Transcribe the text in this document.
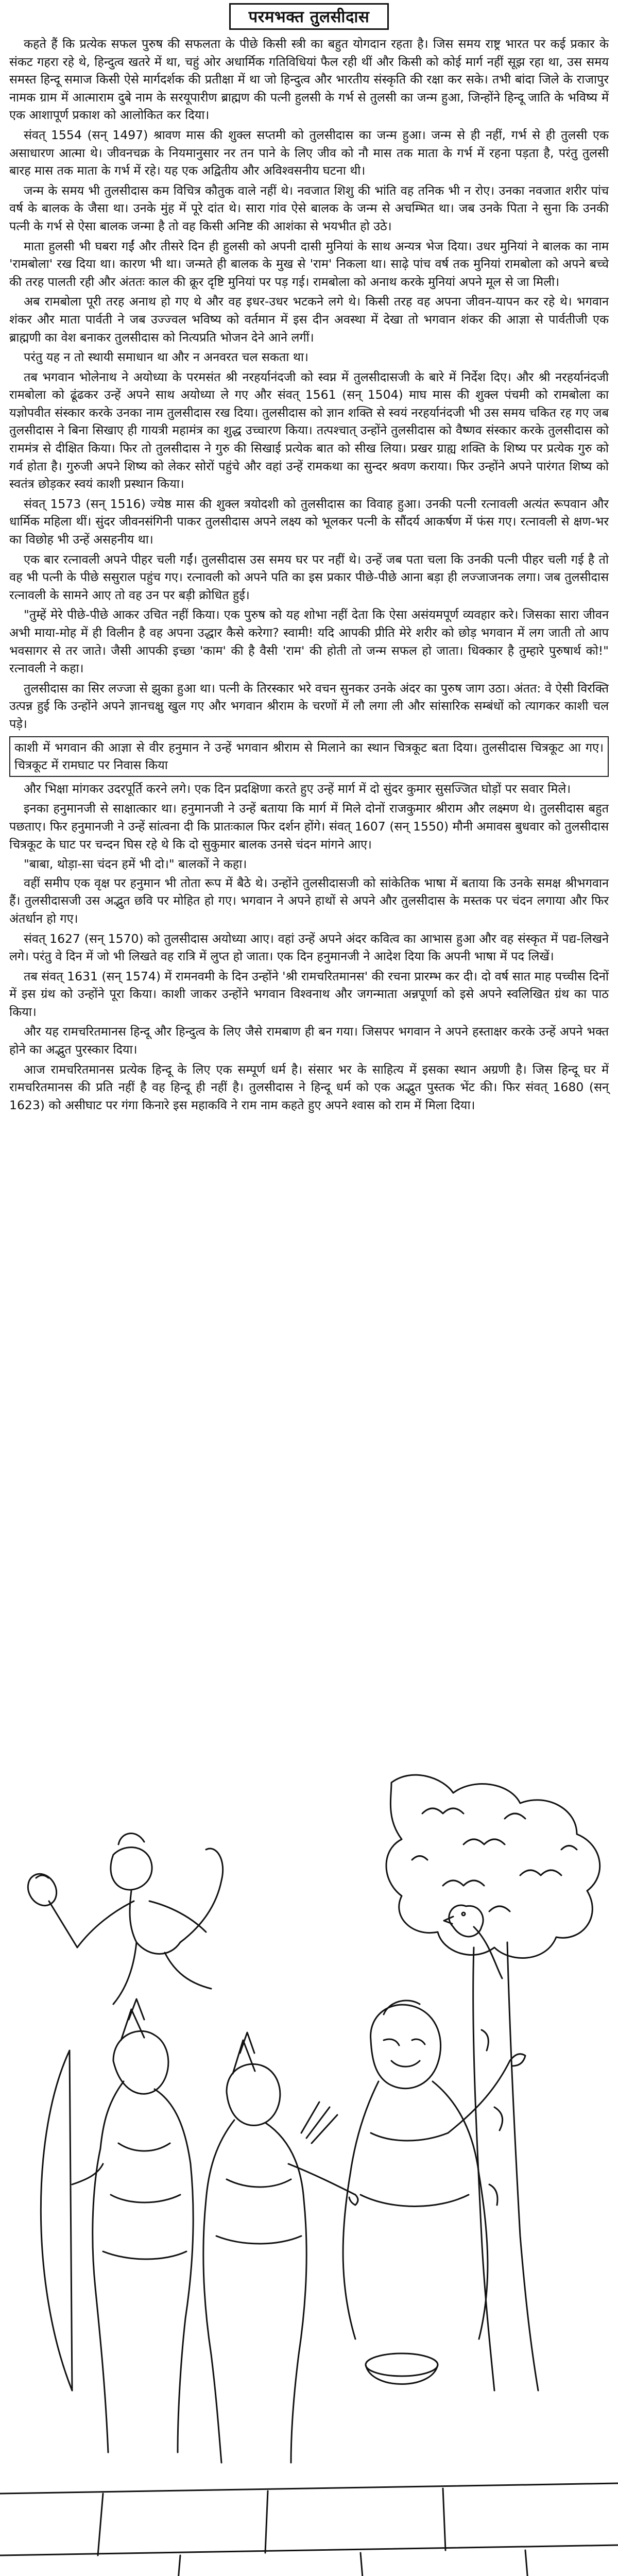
परमभक्त तुलसीदास

कहते हैं कि प्रत्येक सफल पुरुष की सफलता के पीछे किसी स्त्री का बहुत योगदान रहता है। जिस समय राष्ट्र भारत पर कई प्रकार के संकट गहरा रहे थे, हिन्दुत्व खतरे में था, चहुं ओर अधार्मिक गतिविधियां फैल रही थीं और किसी को कोई मार्ग नहीं सूझ रहा था, उस समय समस्त हिन्दू समाज किसी ऐसे मार्गदर्शक की प्रतीक्षा में था जो हिन्दुत्व और भारतीय संस्कृति की रक्षा कर सके। तभी बांदा जिले के राजापुर नामक ग्राम में आत्माराम दुबे नाम के सरयूपारीण ब्राह्मण की पत्नी हुलसी के गर्भ से तुलसी का जन्म हुआ, जिन्होंने हिन्दू जाति के भविष्य में एक आशापूर्ण प्रकाश को आलोकित कर दिया।

संवत् 1554 (सन् 1497) श्रावण मास की शुक्ल सप्तमी को तुलसीदास का जन्म हुआ। जन्म से ही नहीं, गर्भ से ही तुलसी एक असाधारण आत्मा थे। जीवनचक्र के नियमानुसार नर तन पाने के लिए जीव को नौ मास तक माता के गर्भ में रहना पड़ता है, परंतु तुलसी बारह मास तक माता के गर्भ में रहे। यह एक अद्वितीय और अविश्वसनीय घटना थी।

जन्म के समय भी तुलसीदास कम विचित्र कौतुक वाले नहीं थे। नवजात शिशु की भांति वह तनिक भी न रोए। उनका नवजात शरीर पांच वर्ष के बालक के जैसा था। उनके मुंह में पूरे दांत थे। सारा गांव ऐसे बालक के जन्म से अचम्भित था। जब उनके पिता ने सुना कि उनकी पत्नी के गर्भ से ऐसा बालक जन्मा है तो वह किसी अनिष्ट की आशंका से भयभीत हो उठे।

माता हुलसी भी घबरा गईं और तीसरे दिन ही हुलसी को अपनी दासी मुनियां के साथ अन्यत्र भेज दिया। उधर मुनियां ने बालक का नाम 'रामबोला' रख दिया था। कारण भी था। जन्मते ही बालक के मुख से 'राम' निकला था। साढ़े पांच वर्ष तक मुनियां रामबोला को अपने बच्चे की तरह पालती रही और अंततः काल की क्रूर दृष्टि मुनियां पर पड़ गई। रामबोला को अनाथ करके मुनियां अपने मूल से जा मिली।

अब रामबोला पूरी तरह अनाथ हो गए थे और वह इधर-उधर भटकने लगे थे। किसी तरह वह अपना जीवन-यापन कर रहे थे। भगवान शंकर और माता पार्वती ने जब उज्ज्वल भविष्य को वर्तमान में इस दीन अवस्था में देखा तो भगवान शंकर की आज्ञा से पार्वतीजी एक ब्राह्मणी का वेश बनाकर तुलसीदास को नित्यप्रति भोजन देने आने लगीं।

परंतु यह न तो स्थायी समाधान था और न अनवरत चल सकता था।

तब भगवान भोलेनाथ ने अयोध्या के परमसंत श्री नरहर्यानंदजी को स्वप्न में तुलसीदासजी के बारे में निर्देश दिए। और श्री नरहर्यानंदजी रामबोला को ढूंढकर उन्हें अपने साथ अयोध्या ले गए और संवत् 1561 (सन् 1504) माघ मास की शुक्ल पंचमी को रामबोला का यज्ञोपवीत संस्कार करके उनका नाम तुलसीदास रख दिया। तुलसीदास को ज्ञान शक्ति से स्वयं नरहर्यानंदजी भी उस समय चकित रह गए जब तुलसीदास ने बिना सिखाए ही गायत्री महामंत्र का शुद्ध उच्चारण किया। तत्पश्चात् उन्होंने तुलसीदास को वैष्णव संस्कार करके तुलसीदास को राममंत्र से दीक्षित किया। फिर तो तुलसीदास ने गुरु की सिखाई प्रत्येक बात को सीख लिया। प्रखर ग्राह्य शक्ति के शिष्य पर प्रत्येक गुरु को गर्व होता है। गुरुजी अपने शिष्य को लेकर सोरों पहुंचे और वहां उन्हें रामकथा का सुन्दर श्रवण कराया। फिर उन्होंने अपने पारंगत शिष्य को स्वतंत्र छोड़कर स्वयं काशी प्रस्थान किया।

संवत् 1573 (सन् 1516) ज्येष्ठ मास की शुक्ल त्रयोदशी को तुलसीदास का विवाह हुआ। उनकी पत्नी रत्नावली अत्यंत रूपवान और धार्मिक महिला थीं। सुंदर जीवनसंगिनी पाकर तुलसीदास अपने लक्ष्य को भूलकर पत्नी के सौंदर्य आकर्षण में फंस गए। रत्नावली से क्षण-भर का विछोह भी उन्हें असहनीय था।

एक बार रत्नावली अपने पीहर चली गईं। तुलसीदास उस समय घर पर नहीं थे। उन्हें जब पता चला कि उनकी पत्नी पीहर चली गई है तो वह भी पत्नी के पीछे ससुराल पहुंच गए। रत्नावली को अपने पति का इस प्रकार पीछे-पीछे आना बड़ा ही लज्जाजनक लगा। जब तुलसीदास रत्नावली के सामने आए तो वह उन पर बड़ी क्रोधित हुई।

"तुम्हें मेरे पीछे-पीछे आकर उचित नहीं किया। एक पुरुष को यह शोभा नहीं देता कि ऐसा असंयमपूर्ण व्यवहार करे। जिसका सारा जीवन अभी माया-मोह में ही विलीन है वह अपना उद्धार कैसे करेगा? स्वामी! यदि आपकी प्रीति मेरे शरीर को छोड़ भगवान में लग जाती तो आप भवसागर से तर जाते। जैसी आपकी इच्छा 'काम' की है वैसी 'राम' की होती तो जन्म सफल हो जाता। धिक्कार है तुम्हारे पुरुषार्थ को!" रत्नावली ने कहा।

तुलसीदास का सिर लज्जा से झुका हुआ था। पत्नी के तिरस्कार भरे वचन सुनकर उनके अंदर का पुरुष जाग उठा। अंतत: वे ऐसी विरक्ति उत्पन्न हुई कि उन्होंने अपने ज्ञानचक्षु खुल गए और भगवान श्रीराम के चरणों में लौ लगा ली और सांसारिक सम्बंधों को त्यागकर काशी चल पड़े।

काशी में भगवान की आज्ञा से वीर हनुमान ने उन्हें भगवान श्रीराम से मिलाने का स्थान चित्रकूट बता दिया। तुलसीदास चित्रकूट आ गए। चित्रकूट में रामघाट पर निवास किया

और भिक्षा मांगकर उदरपूर्ति करने लगे। एक दिन प्रदक्षिणा करते हुए उन्हें मार्ग में दो सुंदर कुमार सुसज्जित घोड़ों पर सवार मिले।

इनका हनुमानजी से साक्षात्कार था। हनुमानजी ने उन्हें बताया कि मार्ग में मिले दोनों राजकुमार श्रीराम और लक्ष्मण थे। तुलसीदास बहुत पछताए। फिर हनुमानजी ने उन्हें सांत्वना दी कि प्रातःकाल फिर दर्शन होंगे। संवत् 1607 (सन् 1550) मौनी अमावस बुधवार को तुलसीदास चित्रकूट के घाट पर चन्दन घिस रहे थे कि दो सुकुमार बालक उनसे चंदन मांगने आए।

"बाबा, थोड़ा-सा चंदन हमें भी दो।" बालकों ने कहा।

वहीं समीप एक वृक्ष पर हनुमान भी तोता रूप में बैठे थे। उन्होंने तुलसीदासजी को सांकेतिक भाषा में बताया कि उनके समक्ष श्रीभगवान हैं। तुलसीदासजी उस अद्भुत छवि पर मोहित हो गए। भगवान ने अपने हाथों से अपने और तुलसीदास के मस्तक पर चंदन लगाया और फिर अंतर्धान हो गए।

संवत् 1627 (सन् 1570) को तुलसीदास अयोध्या आए। वहां उन्हें अपने अंदर कवित्व का आभास हुआ और वह संस्कृत में पद्य-लिखने लगे। परंतु वे दिन में जो भी लिखते वह रात्रि में लुप्त हो जाता। एक दिन हनुमानजी ने आदेश दिया कि अपनी भाषा में पद लिखें।

तब संवत् 1631 (सन् 1574) में रामनवमी के दिन उन्होंने 'श्री रामचरितमानस' की रचना प्रारम्भ कर दी। दो वर्ष सात माह पच्चीस दिनों में इस ग्रंथ को उन्होंने पूरा किया। काशी जाकर उन्होंने भगवान विश्वनाथ और जगन्माता अन्नपूर्णा को इसे अपने स्वलिखित ग्रंथ का पाठ किया।

और यह रामचरितमानस हिन्दू और हिन्दुत्व के लिए जैसे रामबाण ही बन गया। जिसपर भगवान ने अपने हस्ताक्षर करके उन्हें अपने भक्त होने का अद्भुत पुरस्कार दिया।

आज रामचरितमानस प्रत्येक हिन्दू के लिए एक सम्पूर्ण धर्म है। संसार भर के साहित्य में इसका स्थान अग्रणी है। जिस हिन्दू घर में रामचरितमानस की प्रति नहीं है वह हिन्दू ही नहीं है। तुलसीदास ने हिन्दू धर्म को एक अद्भुत पुस्तक भेंट की। फिर संवत् 1680 (सन् 1623) को असीघाट पर गंगा किनारे इस महाकवि ने राम नाम कहते हुए अपने श्वास को राम में मिला दिया।
